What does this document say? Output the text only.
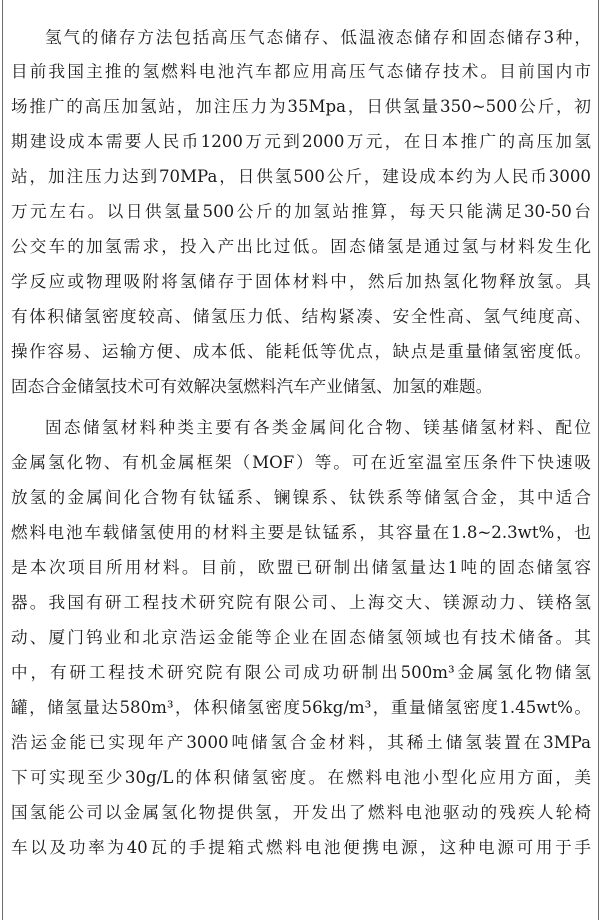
氢气的储存方法包括高压气态储存、低温液态储存和固态储存3种，
目前我国主推的氢燃料电池汽车都应用高压气态储存技术。目前国内市
场推广的高压加氢站，加注压力为35Mpa，日供氢量350~500公斤，初
期建设成本需要人民币1200万元到2000万元，在日本推广的高压加氢
站，加注压力达到70MPa，日供氢500公斤，建设成本约为人民币3000
万元左右。以日供氢量500公斤的加氢站推算，每天只能满足30-50台
公交车的加氢需求，投入产出比过低。固态储氢是通过氢与材料发生化
学反应或物理吸附将氢储存于固体材料中，然后加热氢化物释放氢。具
有体积储氢密度较高、储氢压力低、结构紧凑、安全性高、氢气纯度高、
操作容易、运输方便、成本低、能耗低等优点，缺点是重量储氢密度低。
固态合金储氢技术可有效解决氢燃料汽车产业储氢、加氢的难题。
固态储氢材料种类主要有各类金属间化合物、镁基储氢材料、配位
金属氢化物、有机金属框架（MOF）等。可在近室温室压条件下快速吸
放氢的金属间化合物有钛锰系、镧镍系、钛铁系等储氢合金，其中适合
燃料电池车载储氢使用的材料主要是钛锰系，其容量在1.8~2.3wt%，也
是本次项目所用材料。目前，欧盟已研制出储氢量达1吨的固态储氢容
器。我国有研工程技术研究院有限公司、上海交大、镁源动力、镁格氢
动、厦门钨业和北京浩运金能等企业在固态储氢领域也有技术储备。其
中，有研工程技术研究院有限公司成功研制出500m³金属氢化物储氢
罐，储氢量达580m³，体积储氢密度56kg/m³，重量储氢密度1.45wt%。
浩运金能已实现年产3000吨储氢合金材料，其稀土储氢装置在3MPa
下可实现至少30g/L的体积储氢密度。在燃料电池小型化应用方面，美
国氢能公司以金属氢化物提供氢，开发出了燃料电池驱动的残疾人轮椅
车以及功率为40瓦的手提箱式燃料电池便携电源，这种电源可用于手
